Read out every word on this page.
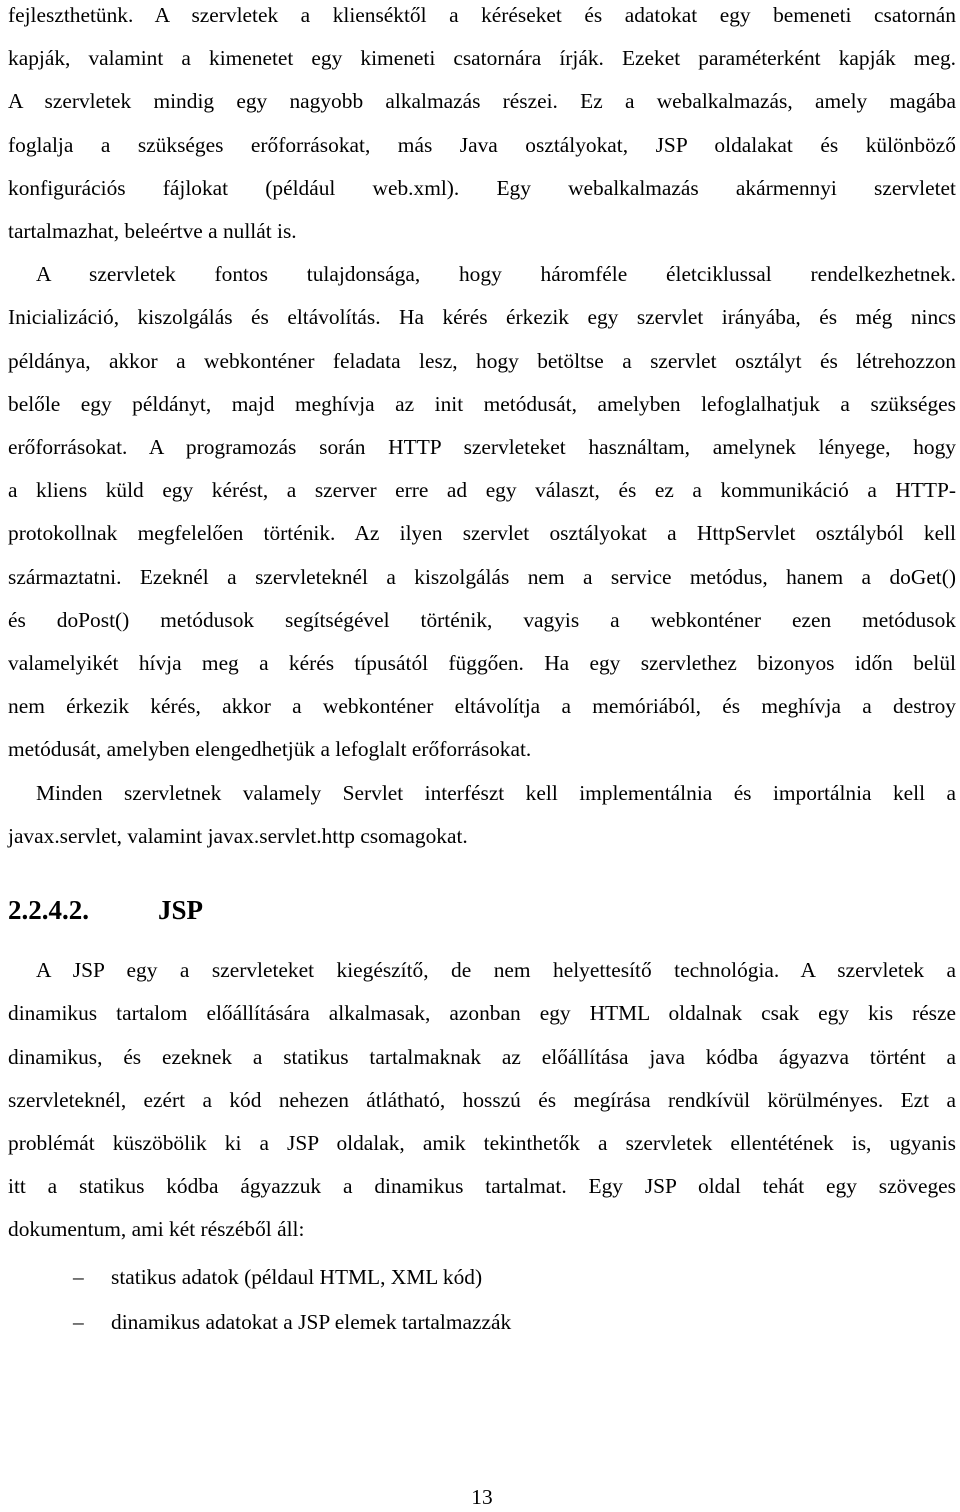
fejleszthetünk. A szervletek a klienséktől a kéréseket és adatokat egy bemeneti csatornán
kapják, valamint a kimenetet egy kimeneti csatornára írják. Ezeket paraméterként kapják meg.
A szervletek mindig egy nagyobb alkalmazás részei. Ez a webalkalmazás, amely magába
foglalja a szükséges erőforrásokat, más Java osztályokat, JSP oldalakat és különböző
konfigurációs fájlokat (például web.xml). Egy webalkalmazás akármennyi szervletet
tartalmazhat, beleértve a nullát is.
A szervletek fontos tulajdonsága, hogy háromféle életciklussal rendelkezhetnek.
Inicializáció, kiszolgálás és eltávolítás. Ha kérés érkezik egy szervlet irányába, és még nincs
példánya, akkor a webkonténer feladata lesz, hogy betöltse a szervlet osztályt és létrehozzon
belőle egy példányt, majd meghívja az init metódusát, amelyben lefoglalhatjuk a szükséges
erőforrásokat. A programozás során HTTP szervleteket használtam, amelynek lényege, hogy
a kliens küld egy kérést, a szerver erre ad egy választ, és ez a kommunikáció a HTTP-
protokollnak megfelelően történik. Az ilyen szervlet osztályokat a HttpServlet osztályból kell
származtatni. Ezeknél a szervleteknél a kiszolgálás nem a service metódus, hanem a doGet()
és doPost() metódusok segítségével történik, vagyis a webkonténer ezen metódusok
valamelyikét hívja meg a kérés típusától függően. Ha egy szervlethez bizonyos időn belül
nem érkezik kérés, akkor a webkonténer eltávolítja a memóriából, és meghívja a destroy
metódusát, amelyben elengedhetjük a lefoglalt erőforrásokat.
Minden szervletnek valamely Servlet interfészt kell implementálnia és importálnia kell a
javax.servlet, valamint javax.servlet.http csomagokat.
2.2.4.2.	JSP
A JSP egy a szervleteket kiegészítő, de nem helyettesítő technológia. A szervletek a
dinamikus tartalom előállítására alkalmasak, azonban egy HTML oldalnak csak egy kis része
dinamikus, és ezeknek a statikus tartalmaknak az előállítása java kódba ágyazva történt a
szervleteknél, ezért a kód nehezen átlátható, hosszú és megírása rendkívül körülményes. Ezt a
problémát küszöbölik ki a JSP oldalak, amik tekinthetők a szervletek ellentétének is, ugyanis
itt a statikus kódba ágyazzuk a dinamikus tartalmat. Egy JSP oldal tehát egy szöveges
dokumentum, ami két részéből áll:
– statikus adatok (példaul HTML, XML kód)
– dinamikus adatokat a JSP elemek tartalmazzák
13
